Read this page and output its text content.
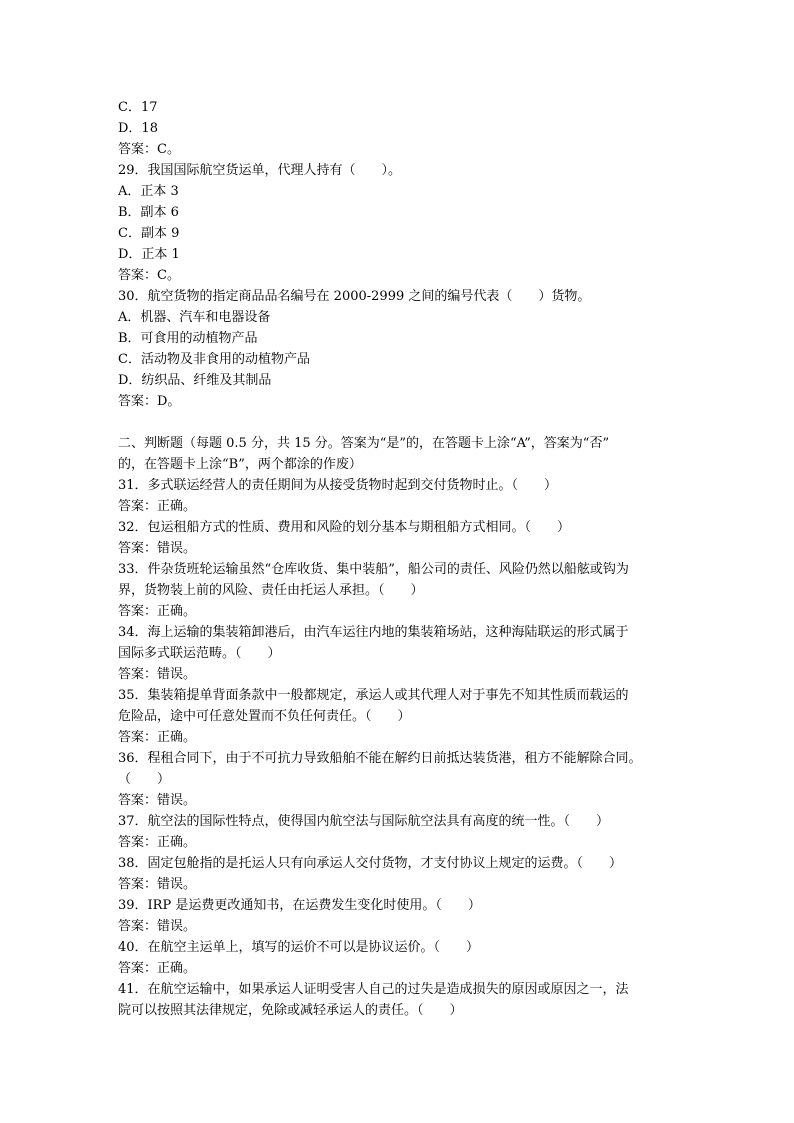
C．17
D．18
答案：C。
29．我国国际航空货运单，代理人持有（　　）。
A．正本 3
B．副本 6
C．副本 9
D．正本 1
答案：C。
30．航空货物的指定商品品名编号在 2000-2999 之间的编号代表（　　）货物。
A．机器、汽车和电器设备
B．可食用的动植物产品
C．活动物及非食用的动植物产品
D．纺织品、纤维及其制品
答案：D。
二、判断题（每题 0.5 分，共 15 分。答案为“是”的，在答题卡上涂“A”，答案为“否”
的，在答题卡上涂“B”，两个都涂的作废）
31．多式联运经营人的责任期间为从接受货物时起到交付货物时止。（　　）
答案：正确。
32．包运租船方式的性质、费用和风险的划分基本与期租船方式相同。（　　）
答案：错误。
33．件杂货班轮运输虽然“仓库收货、集中装船”，船公司的责任、风险仍然以船舷或钩为
界，货物装上前的风险、责任由托运人承担。（　　）
答案：正确。
34．海上运输的集装箱卸港后，由汽车运往内地的集装箱场站，这种海陆联运的形式属于
国际多式联运范畴。（　　）
答案：错误。
35．集装箱提单背面条款中一般都规定，承运人或其代理人对于事先不知其性质而载运的
危险品，途中可任意处置而不负任何责任。（　　）
答案：正确。
36．程租合同下，由于不可抗力导致船舶不能在解约日前抵达装货港，租方不能解除合同。
（　　）
答案：错误。
37．航空法的国际性特点，使得国内航空法与国际航空法具有高度的统一性。（　　）
答案：正确。
38．固定包舱指的是托运人只有向承运人交付货物，才支付协议上规定的运费。（　　）
答案：错误。
39．IRP 是运费更改通知书，在运费发生变化时使用。（　　）
答案：错误。
40．在航空主运单上，填写的运价不可以是协议运价。（　　）
答案：正确。
41．在航空运输中，如果承运人证明受害人自己的过失是造成损失的原因或原因之一，法
院可以按照其法律规定，免除或减轻承运人的责任。（　　）
